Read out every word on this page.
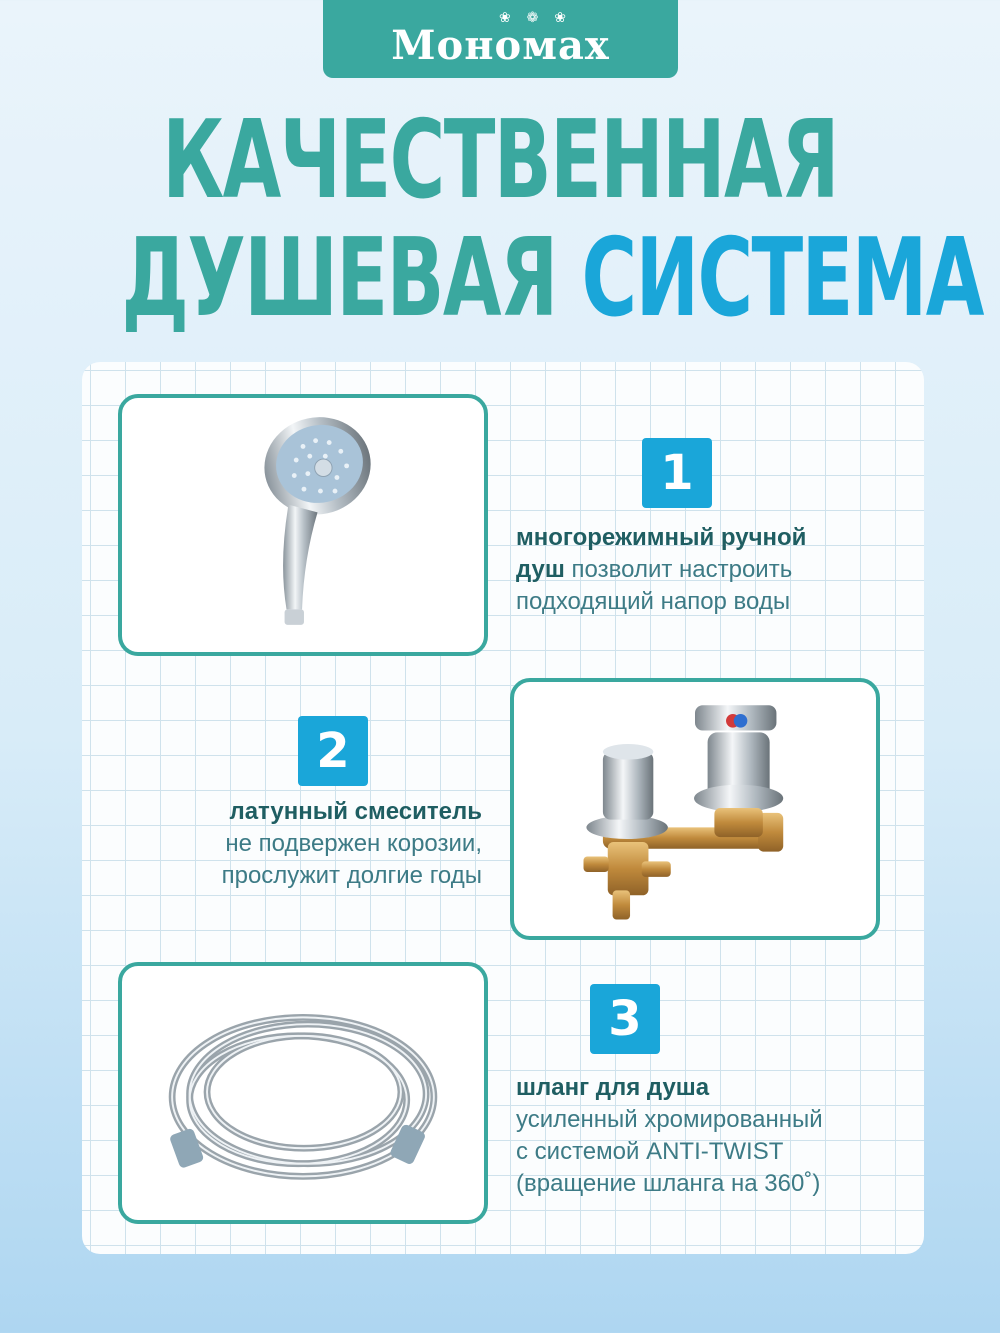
❀ ❁ ❀
Мономах
КАЧЕСТВЕННАЯ
ДУШЕВАЯ СИСТЕМА
1
многорежимный ручной
душ позволит настроить
подходящий напор воды
2
латунный смеситель
не подвержен корозии,
прослужит долгие годы
3
шланг для душа
усиленный хромированный
с системой ANTI-TWIST
(вращение шланга на 360˚)
